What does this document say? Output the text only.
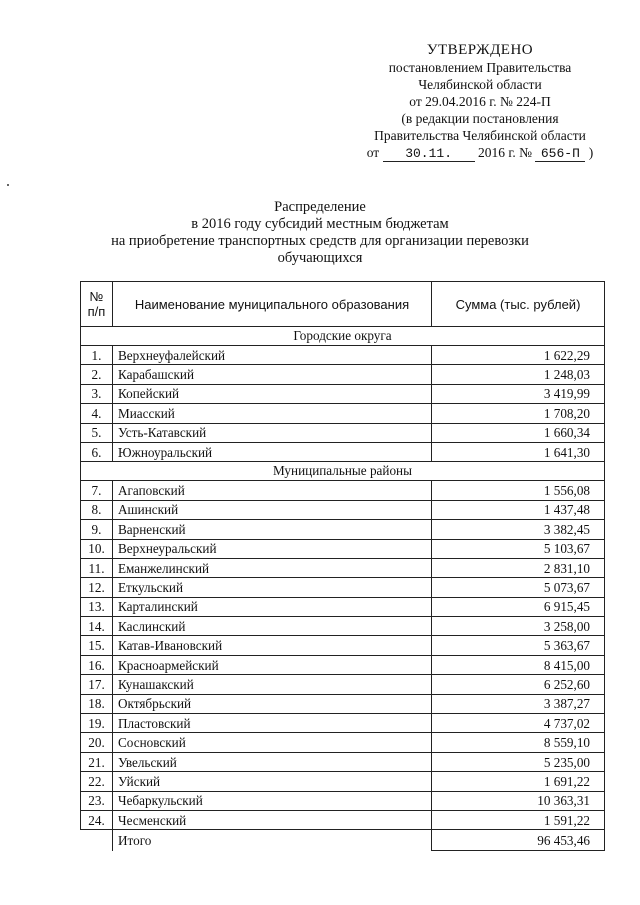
УТВЕРЖДЕНО
постановлением Правительства
Челябинской области
от 29.04.2016 г. № 224-П
(в редакции постановления
Правительства Челябинской области
от 30.11. 2016 г. № 656-П )
Распределение
в 2016 году субсидий местным бюджетам
на приобретение транспортных средств для организации перевозки
обучающихся
№ п/п	Наименование муниципального образования	Сумма (тыс. рублей)
Городские округа		
1.	Верхнеуфалейский	1 622,29
2.	Карабашский	1 248,03
3.	Копейский	3 419,99
4.	Миасский	1 708,20
5.	Усть-Катавский	1 660,34
6.	Южноуральский	1 641,30
Муниципальные районы		
7.	Агаповский	1 556,08
8.	Ашинский	1 437,48
9.	Варненский	3 382,45
10.	Верхнеуральский	5 103,67
11.	Еманжелинский	2 831,10
12.	Еткульский	5 073,67
13.	Карталинский	6 915,45
14.	Каслинский	3 258,00
15.	Катав-Ивановский	5 363,67
16.	Красноармейский	8 415,00
17.	Кунашакский	6 252,60
18.	Октябрьский	3 387,27
19.	Пластовский	4 737,02
20.	Сосновский	8 559,10
21.	Увельский	5 235,00
22.	Уйский	1 691,22
23.	Чебаркульский	10 363,31
24.	Чесменский	1 591,22
	Итого	96 453,46
